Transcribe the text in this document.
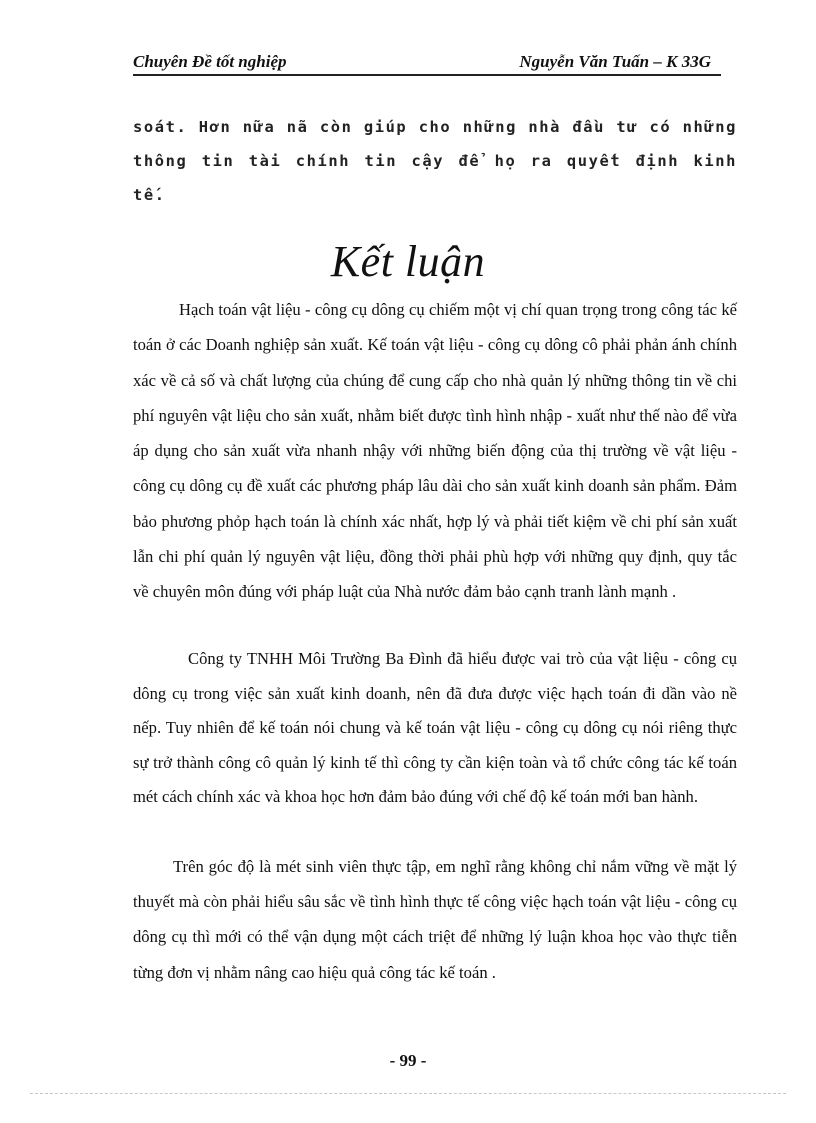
Chuyên Đề tốt nghiệp	Nguyễn Văn Tuấn – K 33G

soát. Hơn nữa nã còn giúp cho những nhà đầu tư có những thông tin tài chính tin cậy để họ ra quyết định kinh tế.

Kết luận

Hạch toán vật liệu - công cụ dông cụ chiếm một vị chí quan trọng trong công tác kế toán ở các Doanh nghiệp sản xuất. Kế toán vật liệu - công cụ dông cô phải phản ánh chính xác về cả số và chất lượng của chúng để cung cấp cho nhà quản lý những thông tin về chi phí nguyên vật liệu cho sản xuất, nhằm biết được tình hình nhập - xuất như thế nào để vừa áp dụng cho sản xuất vừa nhanh nhậy với những biến động của thị trường về vật liệu - công cụ dông cụ đề xuất các phương pháp lâu dài cho sản xuất kinh doanh sản phẩm. Đảm bảo phương phỏp hạch toán là chính xác nhất, hợp lý và phải tiết kiệm về chi phí sản xuất lẫn chi phí quản lý nguyên vật liệu, đồng thời phải phù hợp với những quy định, quy tắc về chuyên môn đúng với pháp luật của Nhà nước đảm bảo cạnh tranh lành mạnh .

Công ty TNHH Môi Trường Ba Đình đã hiểu được vai trò của vật liệu - công cụ dông cụ trong việc sản xuất kinh doanh, nên đã đưa được việc hạch toán đi dần vào nề nếp. Tuy nhiên để kế toán nói chung và kế toán vật liệu - công cụ dông cụ nói riêng thực sự trở thành công cô quản lý kinh tế thì công ty cần kiện toàn và tổ chức công tác kế toán mét cách chính xác và khoa học hơn đảm bảo đúng với chế độ kế toán mới ban hành.

Trên góc độ là mét sinh viên thực tập, em nghĩ rằng không chỉ nắm vững về mặt lý thuyết mà còn phải hiểu sâu sắc về tình hình thực tế công việc hạch toán vật liệu - công cụ dông cụ thì mới có thể vận dụng một cách triệt để những lý luận khoa học vào thực tiễn từng đơn vị nhằm nâng cao hiệu quả công tác kế toán .

- 99 -
